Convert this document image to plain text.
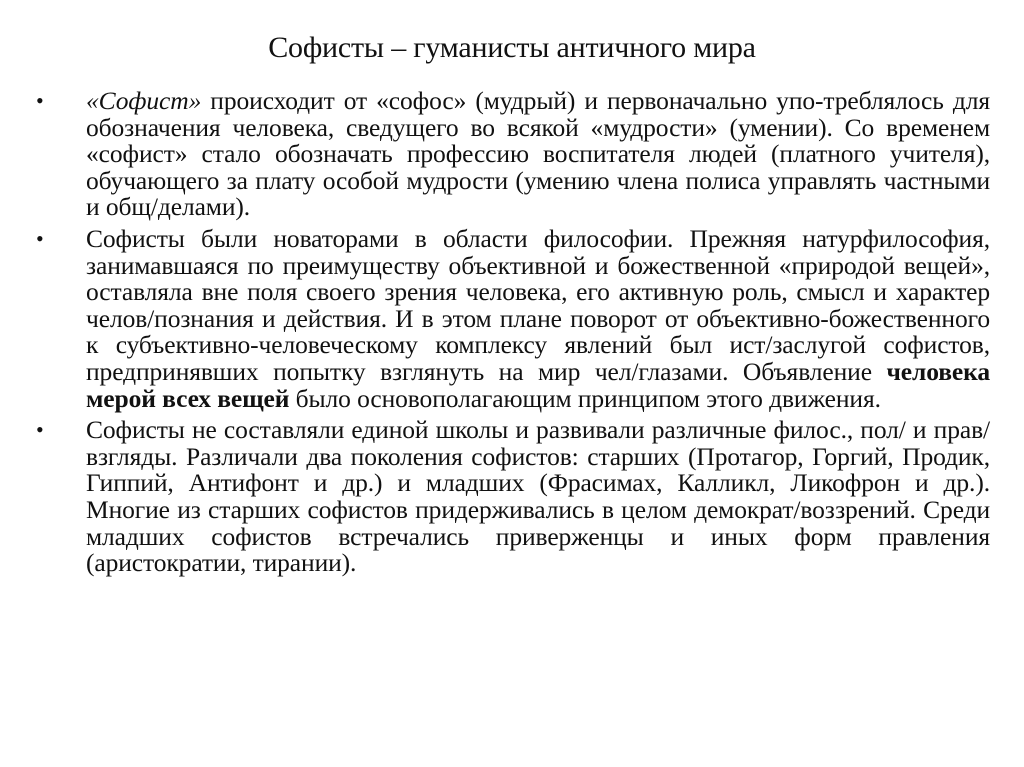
Софисты – гуманисты античного мира
•	«Софист» происходит от «софос» (мудрый) и первоначально упо-треблялось для обозначения человека, сведущего во всякой «мудрости» (умении). Со временем «софист» стало обозначать профессию воспитателя людей (платного учителя), обучающего за плату особой мудрости (умению члена полиса управлять частными и общ/делами).
•	Софисты были новаторами в области философии. Прежняя натурфилософия, занимавшаяся по преимуществу объективной и божественной «природой вещей», оставляла вне поля своего зрения человека, его активную роль, смысл и характер челов/познания и действия. И в этом плане поворот от объективно-божественного к субъективно-человеческому комплексу явлений был ист/заслугой софистов, предпринявших попытку взглянуть на мир чел/глазами. Объявление человека мерой всех вещей было основополагающим принципом этого движения.
•	Софисты не составляли единой школы и развивали различные филос., пол/ и прав/ взгляды. Различали два поколения софистов: старших (Протагор, Горгий, Продик, Гиппий, Антифонт и др.) и младших (Фрасимах, Калликл, Ликофрон и др.). Многие из старших софистов придерживались в целом демократ/воззрений. Среди младших софистов встречались приверженцы и иных форм правления (аристократии, тирании).
